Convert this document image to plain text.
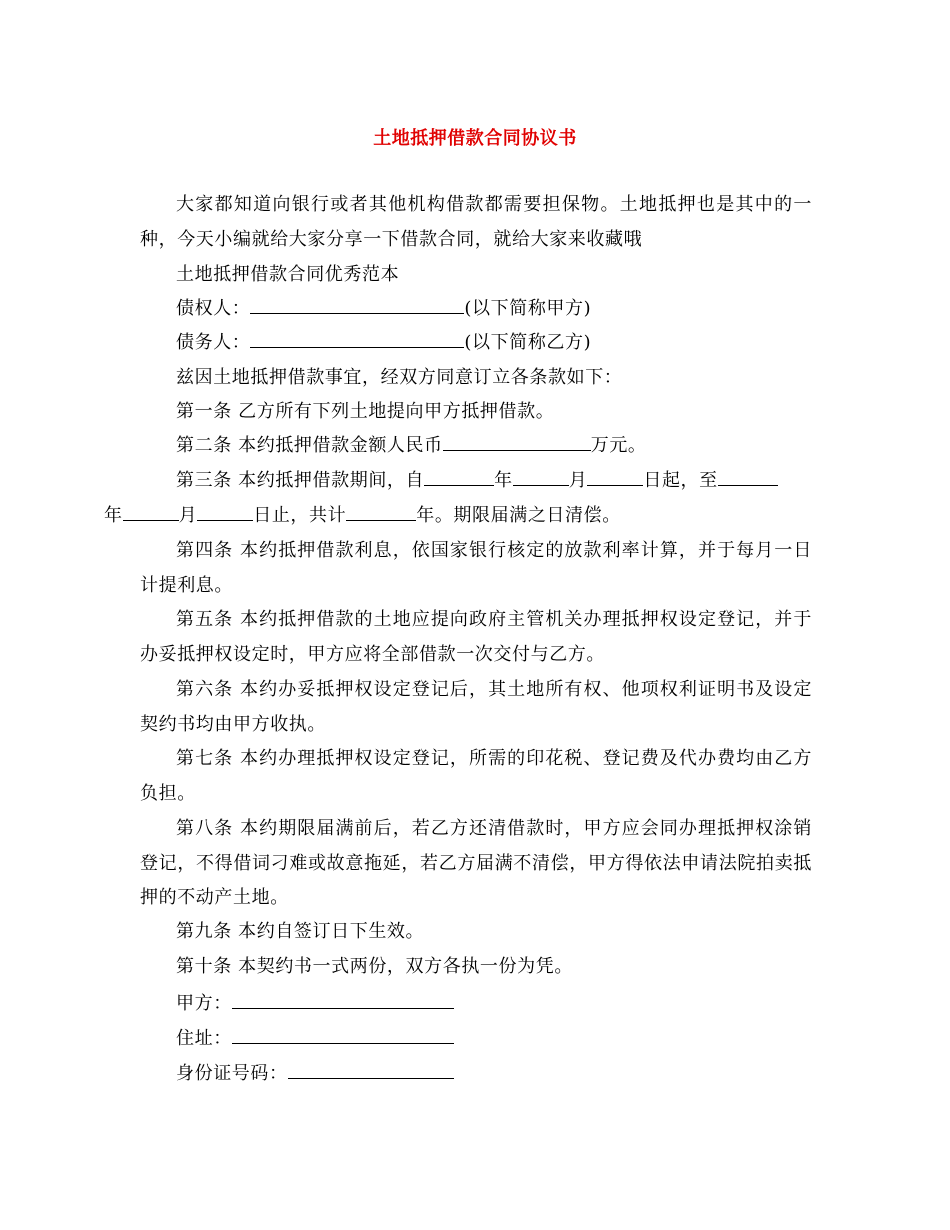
土地抵押借款合同协议书

大家都知道向银行或者其他机构借款都需要担保物。土地抵押也是其中的一种，今天小编就给大家分享一下借款合同，就给大家来收藏哦

土地抵押借款合同优秀范本

债权人：	(以下简称甲方)

债务人：	(以下简称乙方)

兹因土地抵押借款事宜，经双方同意订立各条款如下：

第一条 乙方所有下列土地提向甲方抵押借款。

第二条 本约抵押借款金额人民币	万元。

第三条 本约抵押借款期间，自	年	月	日起，至
年	月	日止，共计	年。期限届满之日清偿。

第四条 本约抵押借款利息，依国家银行核定的放款利率计算，并于每月一日计提利息。

第五条 本约抵押借款的土地应提向政府主管机关办理抵押权设定登记，并于办妥抵押权设定时，甲方应将全部借款一次交付与乙方。

第六条 本约办妥抵押权设定登记后，其土地所有权、他项权利证明书及设定契约书均由甲方收执。

第七条 本约办理抵押权设定登记，所需的印花税、登记费及代办费均由乙方负担。

第八条 本约期限届满前后，若乙方还清借款时，甲方应会同办理抵押权涂销登记，不得借词刁难或故意拖延，若乙方届满不清偿，甲方得依法申请法院拍卖抵押的不动产土地。

第九条 本约自签订日下生效。

第十条 本契约书一式两份，双方各执一份为凭。

甲方：
住址：
身份证号码：
